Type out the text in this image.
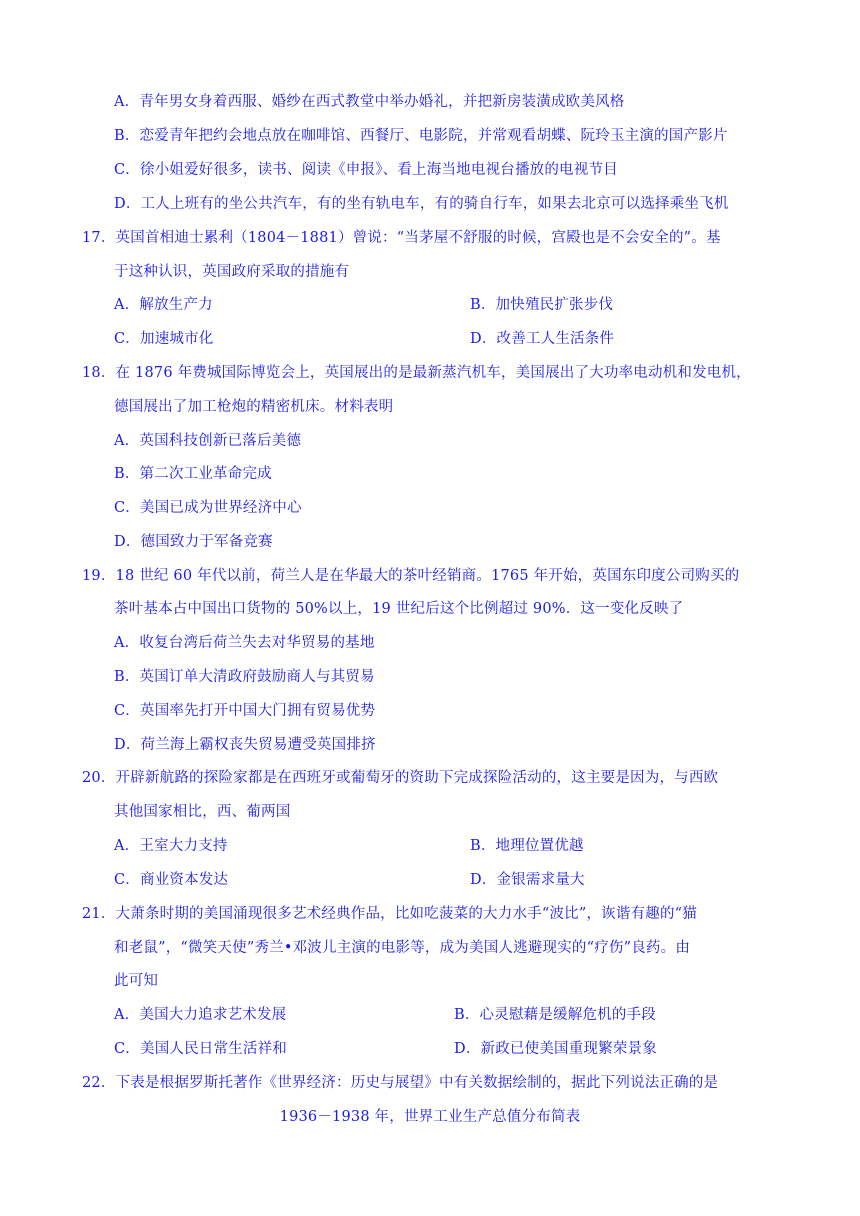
A．青年男女身着西服、婚纱在西式教堂中举办婚礼，并把新房装潢成欧美风格
B．恋爱青年把约会地点放在咖啡馆、西餐厅、电影院，并常观看胡蝶、阮玲玉主演的国产影片
C．徐小姐爱好很多，读书、阅读《申报》、看上海当地电视台播放的电视节目
D．工人上班有的坐公共汽车，有的坐有轨电车，有的骑自行车，如果去北京可以选择乘坐飞机
17．英国首相迪士累利（1804－1881）曾说：“当茅屋不舒服的时候，宫殿也是不会安全的”。基
于这种认识，英国政府采取的措施有
A．解放生产力	B．加快殖民扩张步伐
C．加速城市化	D．改善工人生活条件
18．在 1876 年费城国际博览会上，英国展出的是最新蒸汽机车，美国展出了大功率电动机和发电机，
德国展出了加工枪炮的精密机床。材料表明
A．英国科技创新已落后美德
B．第二次工业革命完成
C．美国已成为世界经济中心
D．德国致力于军备竞赛
19．18 世纪 60 年代以前，荷兰人是在华最大的茶叶经销商。1765 年开始，英国东印度公司购买的
茶叶基本占中国出口货物的 50%以上，19 世纪后这个比例超过 90%．这一变化反映了
A．收复台湾后荷兰失去对华贸易的基地
B．英国订单大清政府鼓励商人与其贸易
C．英国率先打开中国大门拥有贸易优势
D．荷兰海上霸权丧失贸易遭受英国排挤
20．开辟新航路的探险家都是在西班牙或葡萄牙的资助下完成探险活动的，这主要是因为，与西欧
其他国家相比，西、葡两国
A．王室大力支持	B．地理位置优越
C．商业资本发达	D．金银需求量大
21．大萧条时期的美国涌现很多艺术经典作品，比如吃菠菜的大力水手“波比”，诙谐有趣的“猫
和老鼠”，“微笑天使”秀兰•邓波儿主演的电影等，成为美国人逃避现实的“疗伤”良药。由
此可知
A．美国大力追求艺术发展	B．心灵慰藉是缓解危机的手段
C．美国人民日常生活祥和	D．新政已使美国重现繁荣景象
22．下表是根据罗斯托著作《世界经济：历史与展望》中有关数据绘制的，据此下列说法正确的是
1936－1938 年，世界工业生产总值分布简表
